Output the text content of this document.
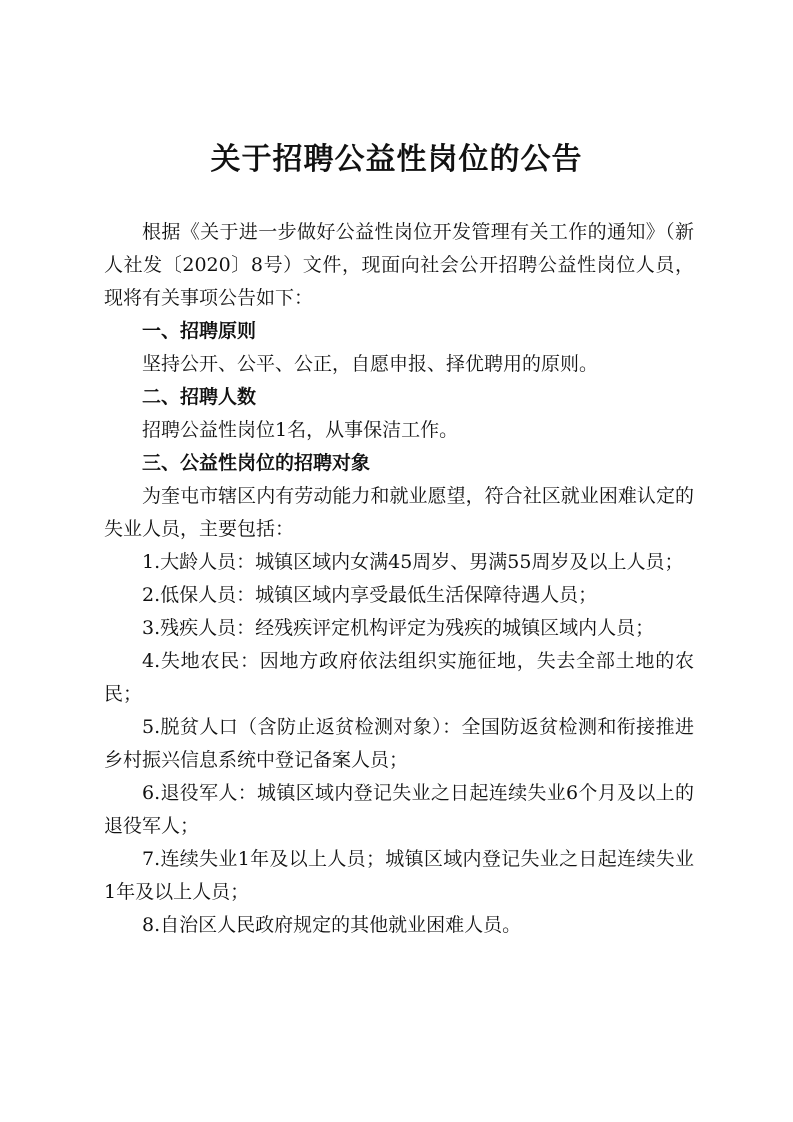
关于招聘公益性岗位的公告

根据《关于进一步做好公益性岗位开发管理有关工作的通知》（新人社发〔2020〕8号）文件，现面向社会公开招聘公益性岗位人员，现将有关事项公告如下：

一、招聘原则

坚持公开、公平、公正，自愿申报、择优聘用的原则。

二、招聘人数

招聘公益性岗位1名，从事保洁工作。

三、公益性岗位的招聘对象

为奎屯市辖区内有劳动能力和就业愿望，符合社区就业困难认定的失业人员，主要包括：

1.大龄人员：城镇区域内女满45周岁、男满55周岁及以上人员；

2.低保人员：城镇区域内享受最低生活保障待遇人员；

3.残疾人员：经残疾评定机构评定为残疾的城镇区域内人员；

4.失地农民：因地方政府依法组织实施征地，失去全部土地的农民；

5.脱贫人口（含防止返贫检测对象）：全国防返贫检测和衔接推进乡村振兴信息系统中登记备案人员；

6.退役军人：城镇区域内登记失业之日起连续失业6个月及以上的退役军人；

7.连续失业1年及以上人员；城镇区域内登记失业之日起连续失业1年及以上人员；

8.自治区人民政府规定的其他就业困难人员。
